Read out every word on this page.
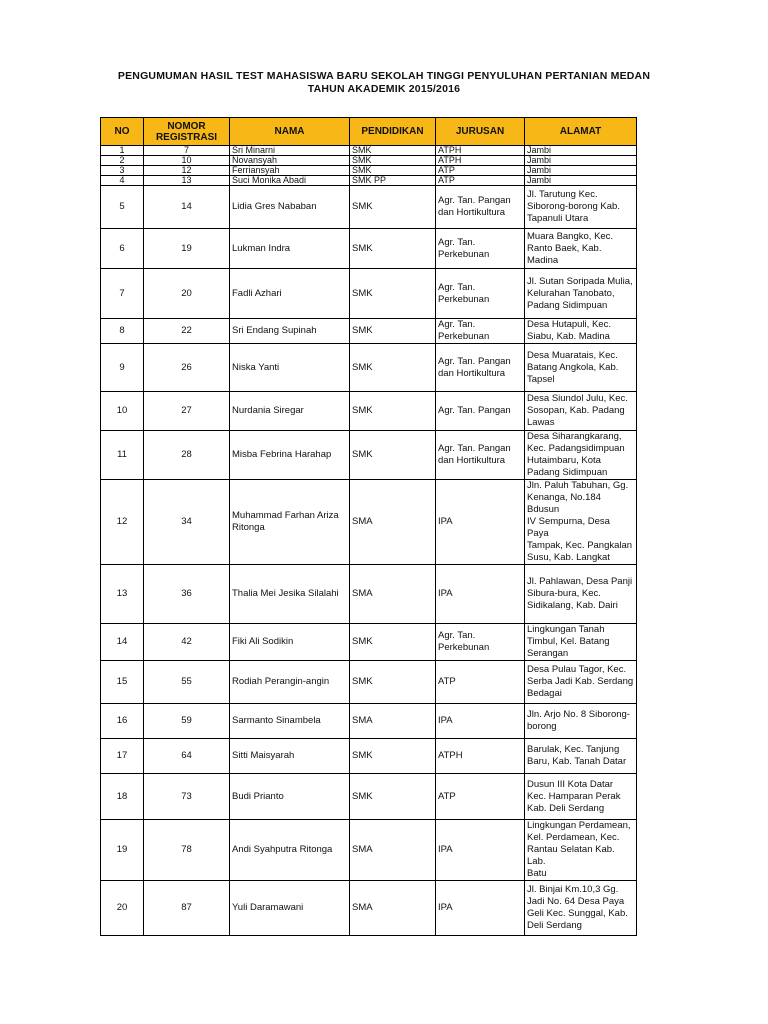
PENGUMUMAN HASIL TEST MAHASISWA BARU SEKOLAH TINGGI PENYULUHAN PERTANIAN MEDAN
TAHUN AKADEMIK 2015/2016
NO	NOMOR
REGISTRASI	NAMA	PENDIDIKAN	JURUSAN	ALAMAT
1	7	Sri Minarni	SMK	ATPH	Jambi
2	10	Novansyah	SMK	ATPH	Jambi
3	12	Ferriansyah	SMK	ATP	Jambi
4	13	Suci Monika Abadi	SMK PP	ATP	Jambi
5	14	Lidia Gres Nababan	SMK	Agr. Tan. Pangan
dan Hortikultura	Jl. Tarutung Kec.
Siborong-borong Kab.
Tapanuli Utara
6	19	Lukman Indra	SMK	Agr. Tan.
Perkebunan	Muara Bangko, Kec.
Ranto Baek, Kab. Madina
7	20	Fadli Azhari	SMK	Agr. Tan.
Perkebunan	Jl. Sutan Soripada Mulia,
Kelurahan Tanobato,
Padang Sidimpuan
8	22	Sri Endang Supinah	SMK	Agr. Tan.
Perkebunan	Desa Hutapuli, Kec.
Siabu, Kab. Madina
9	26	Niska Yanti	SMK	Agr. Tan. Pangan
dan Hortikultura	Desa Muaratais, Kec.
Batang Angkola, Kab.
Tapsel
10	27	Nurdania Siregar	SMK	Agr. Tan. Pangan	Desa Siundol Julu, Kec.
Sosopan, Kab. Padang
Lawas
11	28	Misba Febrina Harahap	SMK	Agr. Tan. Pangan
dan Hortikultura	Desa Siharangkarang,
Kec. Padangsidimpuan
Hutaimbaru, Kota
Padang Sidimpuan
12	34	Muhammad Farhan Ariza
Ritonga	SMA	IPA	Jln. Paluh Tabuhan, Gg.
Kenanga, No.184 Bdusun
IV Sempurna, Desa Paya
Tampak, Kec. Pangkalan
Susu, Kab. Langkat
13	36	Thalia Mei Jesika Silalahi	SMA	IPA	Jl. Pahlawan, Desa Panji
Sibura-bura, Kec.
Sidikalang, Kab. Dairi
14	42	Fiki Ali Sodikin	SMK	Agr. Tan.
Perkebunan	Lingkungan Tanah
Timbul, Kel. Batang
Serangan
15	55	Rodiah Perangin-angin	SMK	ATP	Desa Pulau Tagor, Kec.
Serba Jadi Kab. Serdang
Bedagai
16	59	Sarmanto Sinambela	SMA	IPA	Jln. Arjo No. 8 Siborong-
borong
17	64	Sitti Maisyarah	SMK	ATPH	Barulak, Kec. Tanjung
Baru, Kab. Tanah Datar
18	73	Budi Prianto	SMK	ATP	Dusun III Kota Datar
Kec. Hamparan Perak
Kab. Deli Serdang
19	78	Andi Syahputra Ritonga	SMA	IPA	Lingkungan Perdamean,
Kel. Perdamean, Kec.
Rantau Selatan Kab. Lab.
Batu
20	87	Yuli Daramawani	SMA	IPA	Jl. Binjai Km.10,3 Gg.
Jadi No. 64 Desa Paya
Geli Kec. Sunggal, Kab.
Deli Serdang
